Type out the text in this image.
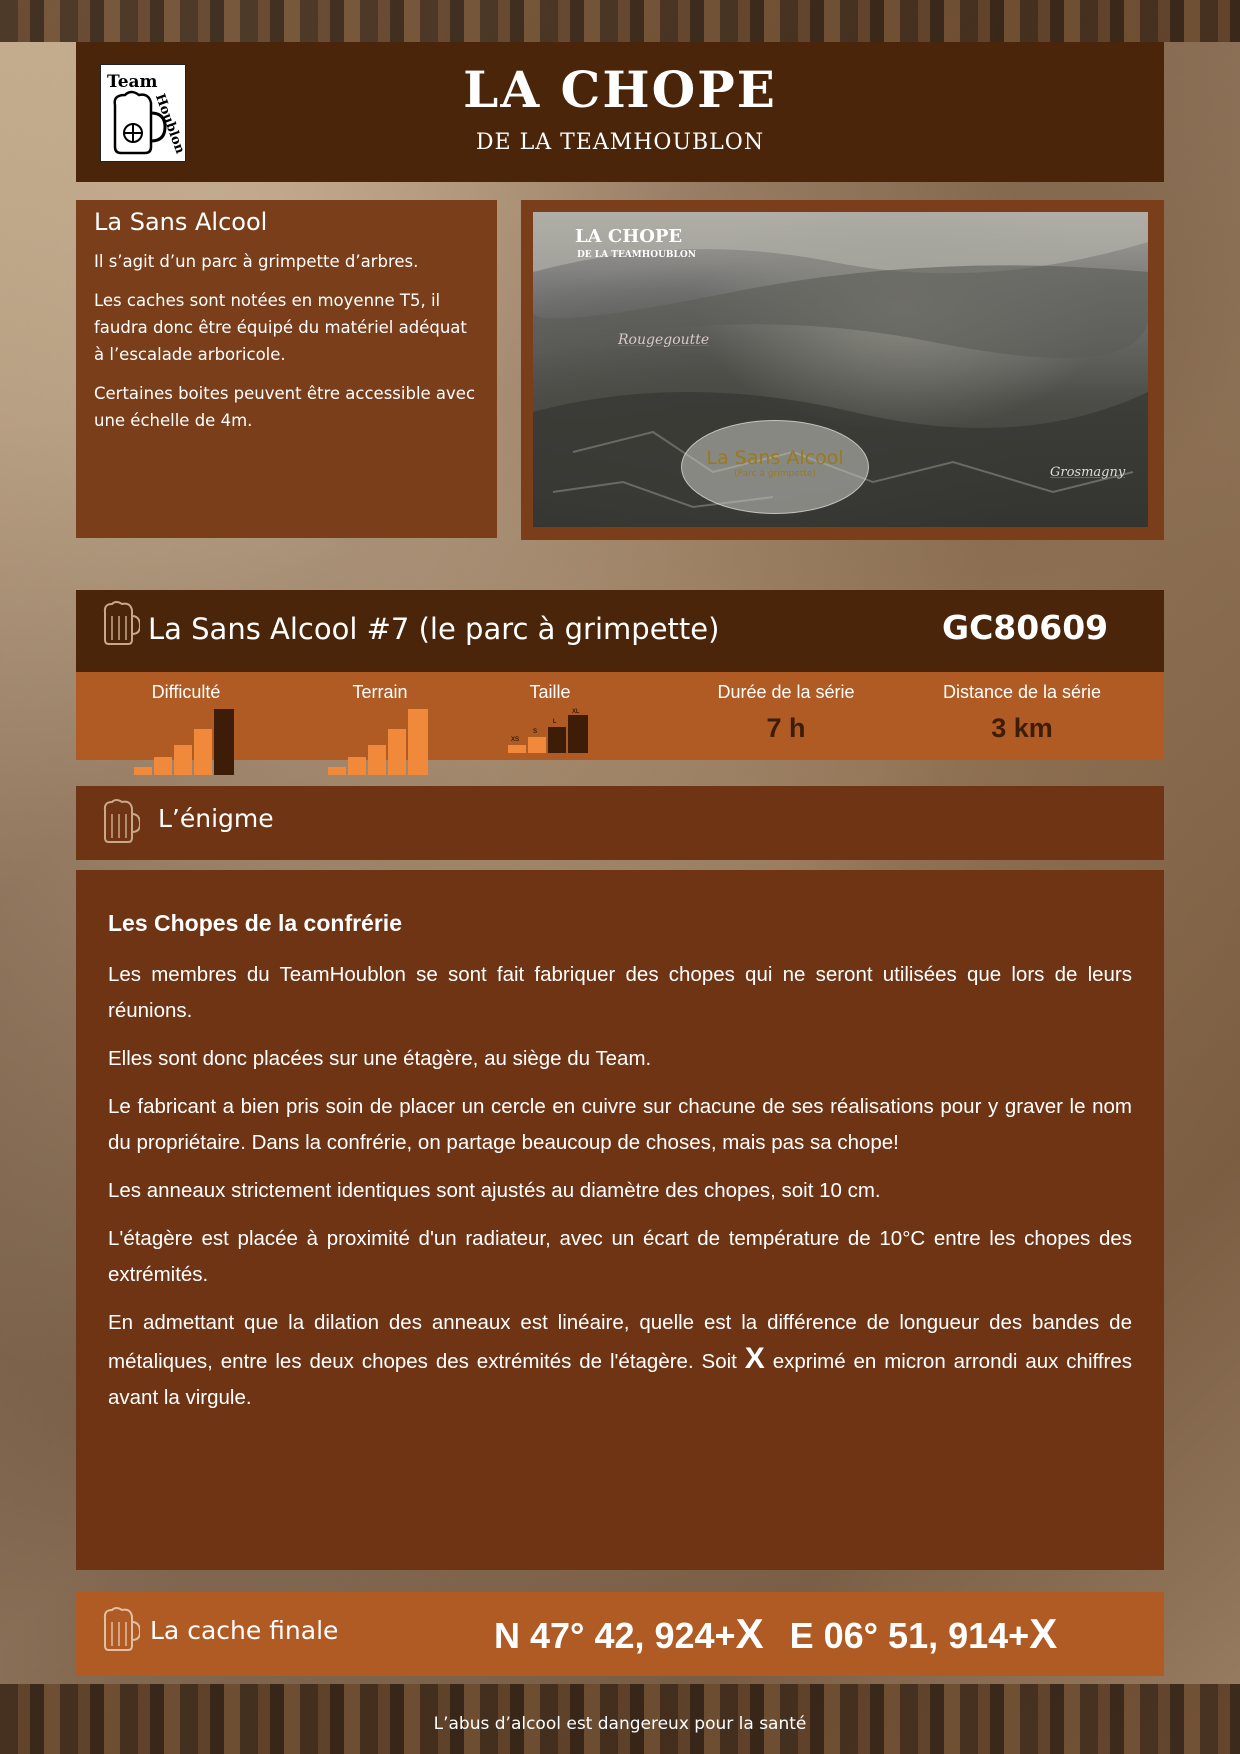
Team
Houblon
LA CHOPE
DE LA TEAMHOUBLON
La Sans Alcool

Il s’agit d’un parc à grimpette d’arbres.

Les caches sont notées en moyenne T5, il faudra donc être équipé du matériel adéquat à l’escalade arboricole.

Certaines boites peuvent être accessible avec une échelle de 4m.

LA CHOPE
DE LA TEAMHOUBLON
Rougegoutte
Grosmagny
La Sans Alcool
(Parc à grimpette)
La Sans Alcool #7 (le parc à grimpette)	GC80609
Difficulté	Terrain	Taille
XS
S
L
XL
Durée de la série
7 h
Distance de la série
3 km
L’énigme
Les Chopes de la confrérie

Les membres du TeamHoublon se sont fait fabriquer des chopes qui ne seront utilisées que lors de leurs réunions.

Elles sont donc placées sur une étagère, au siège du Team.

Le fabricant a bien pris soin de placer un cercle en cuivre sur chacune de ses réalisations pour y graver le nom du propriétaire. Dans la confrérie, on partage beaucoup de choses, mais pas sa chope!

Les anneaux strictement identiques sont ajustés au diamètre des chopes, soit 10 cm.

L'étagère est placée à proximité d'un radiateur, avec un écart de température de 10°C entre les chopes des extrémités.

En admettant que la dilation des anneaux est linéaire, quelle est la différence de longueur des bandes de métaliques, entre les deux chopes des extrémités de l'étagère. Soit X exprimé en micron arrondi aux chiffres avant la virgule.

La cache finale	N 47° 42, 924+X E 06° 51, 914+X
L’abus d’alcool est dangereux pour la santé
